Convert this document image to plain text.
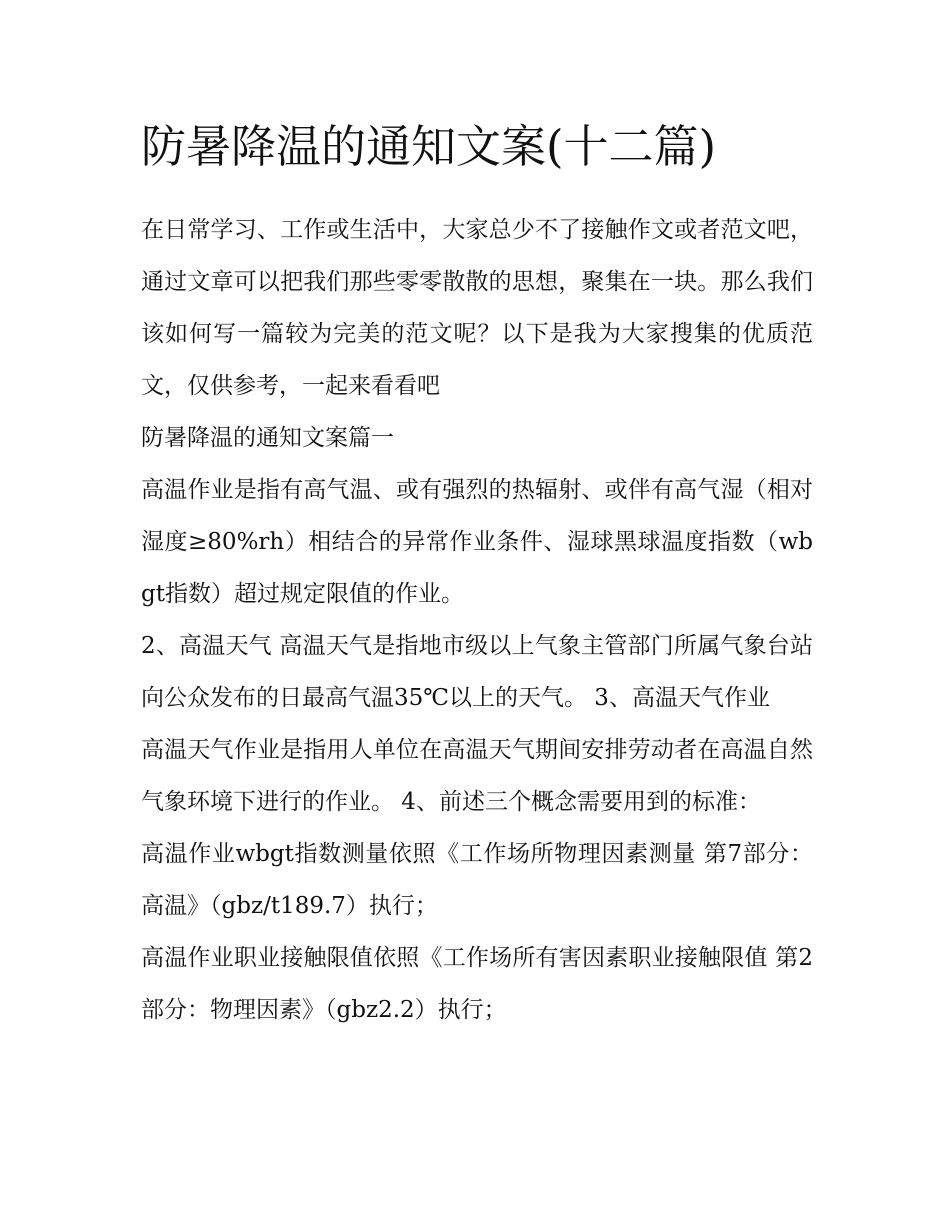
防暑降温的通知文案(十二篇)

在日常学习、工作或生活中，大家总少不了接触作文或者范文吧，通过文章可以把我们那些零零散散的思想，聚集在一块。那么我们该如何写一篇较为完美的范文呢？以下是我为大家搜集的优质范文，仅供参考，一起来看看吧

防暑降温的通知文案篇一

高温作业是指有高气温、或有强烈的热辐射、或伴有高气湿（相对湿度≥80%rh）相结合的异常作业条件、湿球黑球温度指数（wbgt指数）超过规定限值的作业。

2、高温天气 高温天气是指地市级以上气象主管部门所属气象台站向公众发布的日最高气温35℃以上的天气。 3、高温天气作业

高温天气作业是指用人单位在高温天气期间安排劳动者在高温自然气象环境下进行的作业。 4、前述三个概念需要用到的标准：

高温作业wbgt指数测量依照《工作场所物理因素测量 第7部分：高温》（gbz/t189.7）执行；

高温作业职业接触限值依照《工作场所有害因素职业接触限值 第2部分：物理因素》（gbz2.2）执行；
